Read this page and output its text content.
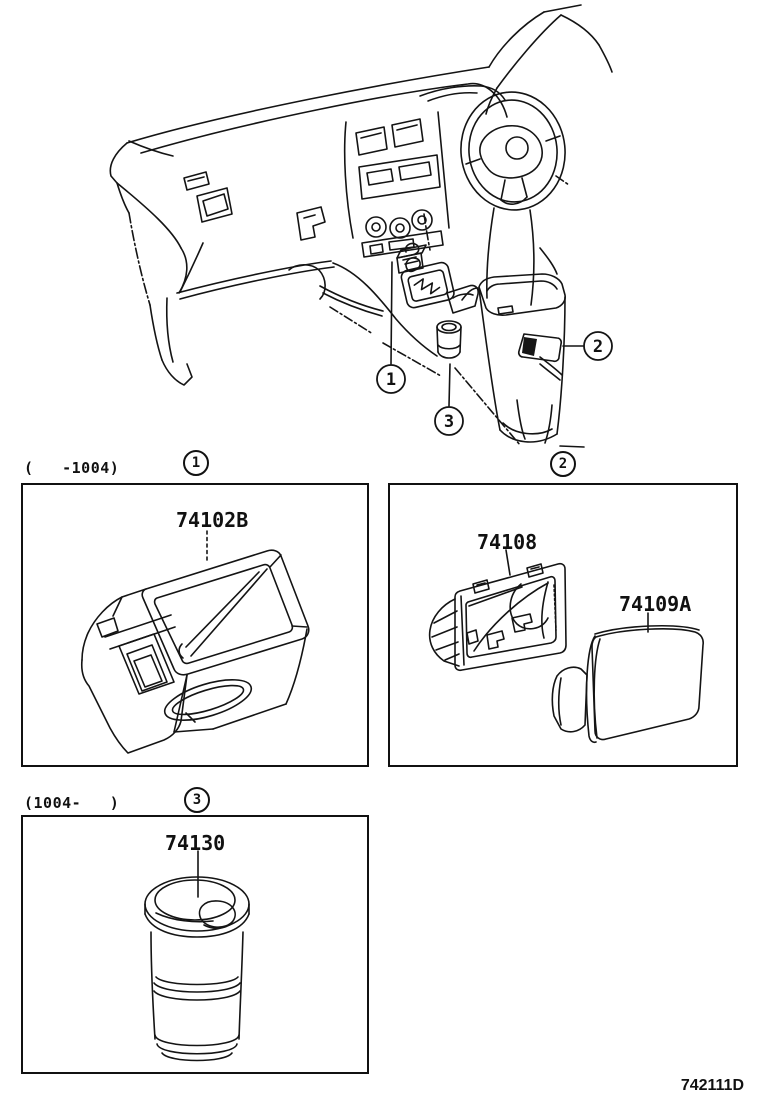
1
3
2
(   -1004)	1	2
74102B
74108
74109A
(1004-   )	3
74130
742111D
